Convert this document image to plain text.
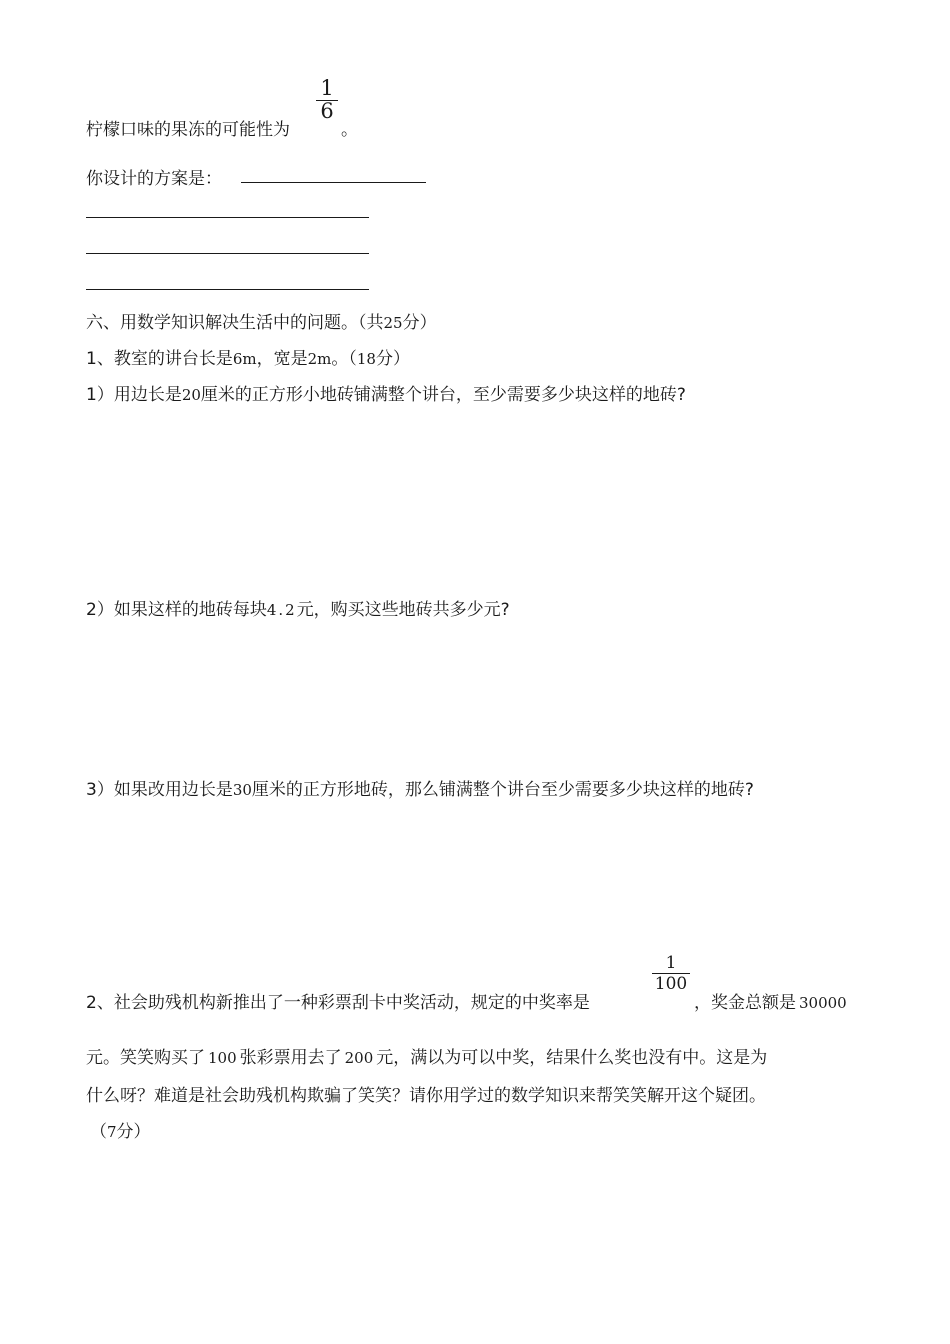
柠檬口味的果冻的可能性为
1
6
。
你设计的方案是：
六、用数学知识解决生活中的问题。（共25分）
1、教室的讲台长是6m，宽是2m。（18分）
1）用边长是20厘米的正方形小地砖铺满整个讲台，至少需要多少块这样的地砖?
2）如果这样的地砖每块4.2元，购买这些地砖共多少元?
3）如果改用边长是30厘米的正方形地砖，那么铺满整个讲台至少需要多少块这样的地砖?
2、社会助残机构新推出了一种彩票刮卡中奖活动，规定的中奖率是
1
100
，奖金总额是 30000
元。笑笑购买了 100 张彩票用去了 200 元，满以为可以中奖，结果什么奖也没有中。这是为
什么呀？难道是社会助残机构欺骗了笑笑？请你用学过的数学知识来帮笑笑解开这个疑团。
（7分）
